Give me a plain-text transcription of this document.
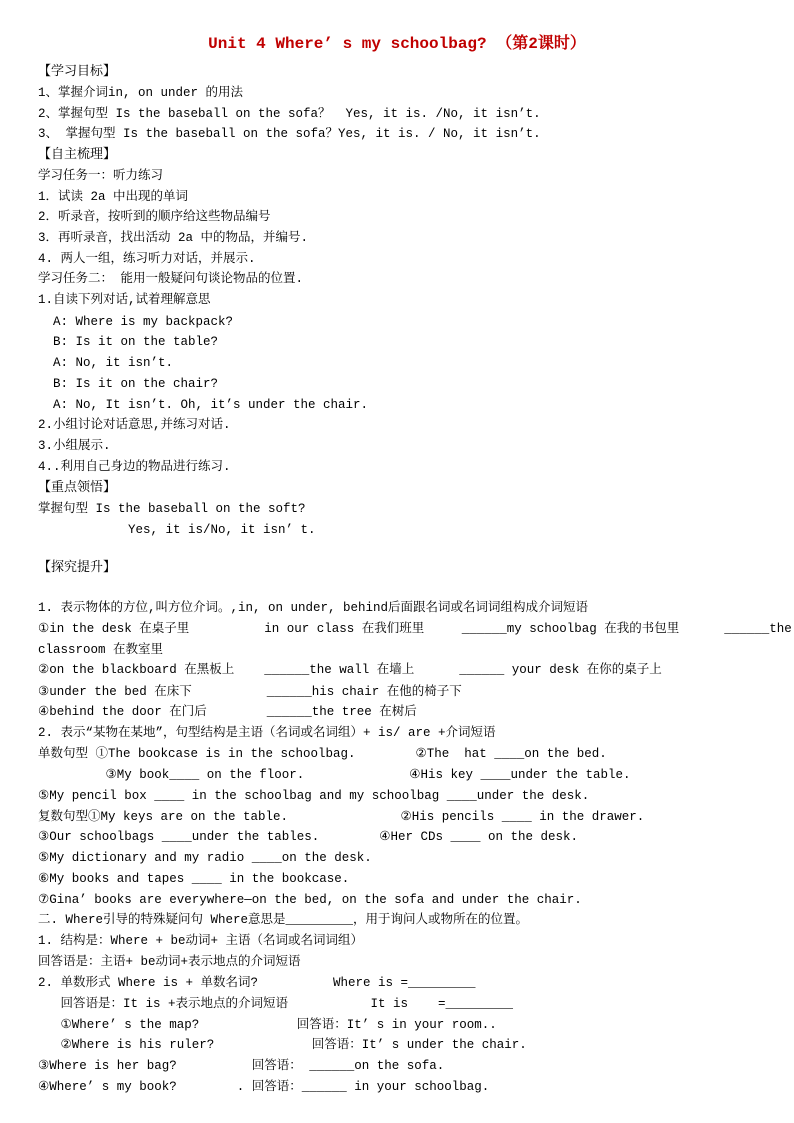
Unit 4 Where’ s my schoolbag? （第2课时）
【学习目标】
1、掌握介词in, on under 的用法
2、掌握句型 Is the baseball on the sofa？  Yes, it is. /No, it isn’t.
3、 掌握句型 Is the baseball on the sofa？Yes, it is. / No, it isn’t.
【自主梳理】
学习任务一：听力练习
1．试读 2a 中出现的单词
2．听录音，按听到的顺序给这些物品编号
3．再听录音，找出活动 2a 中的物品，并编号.
4. 两人一组，练习听力对话，并展示.
学习任务二： 能用一般疑问句谈论物品的位置.
1.自读下列对话,试着理解意思
A: Where is my backpack?
B: Is it on the table?
A: No, it isn’t.
B: Is it on the chair?
A: No, It isn’t. Oh, it’s under the chair.
2.小组讨论对话意思,并练习对话.
3.小组展示.
4..利用自己身边的物品进行练习.
【重点领悟】
掌握句型 Is the baseball on the soft?
Yes, it is/No, it isn’ t.
【探究提升】
1. 表示物体的方位,叫方位介词。,in, on under, behind后面跟名词或名词词组构成介词短语
①in the desk 在桌子里          in our class 在我们班里     ______my schoolbag 在我的书包里      ______the
classroom 在教室里
②on the blackboard 在黑板上    ______the wall 在墙上      ______ your desk 在你的桌子上
③under the bed 在床下          ______his chair 在他的椅子下
④behind the door 在门后        ______the tree 在树后
2. 表示“某物在某地”，句型结构是主语（名词或名词组）+ is/ are +介词短语
单数句型 ①The bookcase is in the schoolbag.        ②The  hat ____on the bed.
③My book____ on the floor.              ④His key ____under the table.
⑤My pencil box ____ in the schoolbag and my schoolbag ____under the desk.
复数句型①My keys are on the table.               ②His pencils ____ in the drawer.
③Our schoolbags ____under the tables.        ④Her CDs ____ on the desk.
⑤My dictionary and my radio ____on the desk.
⑥My books and tapes ____ in the bookcase.
⑦Gina’ books are everywhere—on the bed, on the sofa and under the chair.
二. Where引导的特殊疑问句 Where意思是_________，用于询问人或物所在的位置。
1. 结构是：Where + be动词+ 主语（名词或名词词组）
回答语是：主语+ be动词+表示地点的介词短语
2. 单数形式 Where is + 单数名词?          Where is =_________
回答语是：It is +表示地点的介词短语           It is    =_________
①Where’ s the map?             回答语：It’ s in your room..
②Where is his ruler?             回答语：It’ s under the chair.
③Where is her bag?          回答语： ______on the sofa.
④Where’ s my book?        . 回答语：______ in your schoolbag.
